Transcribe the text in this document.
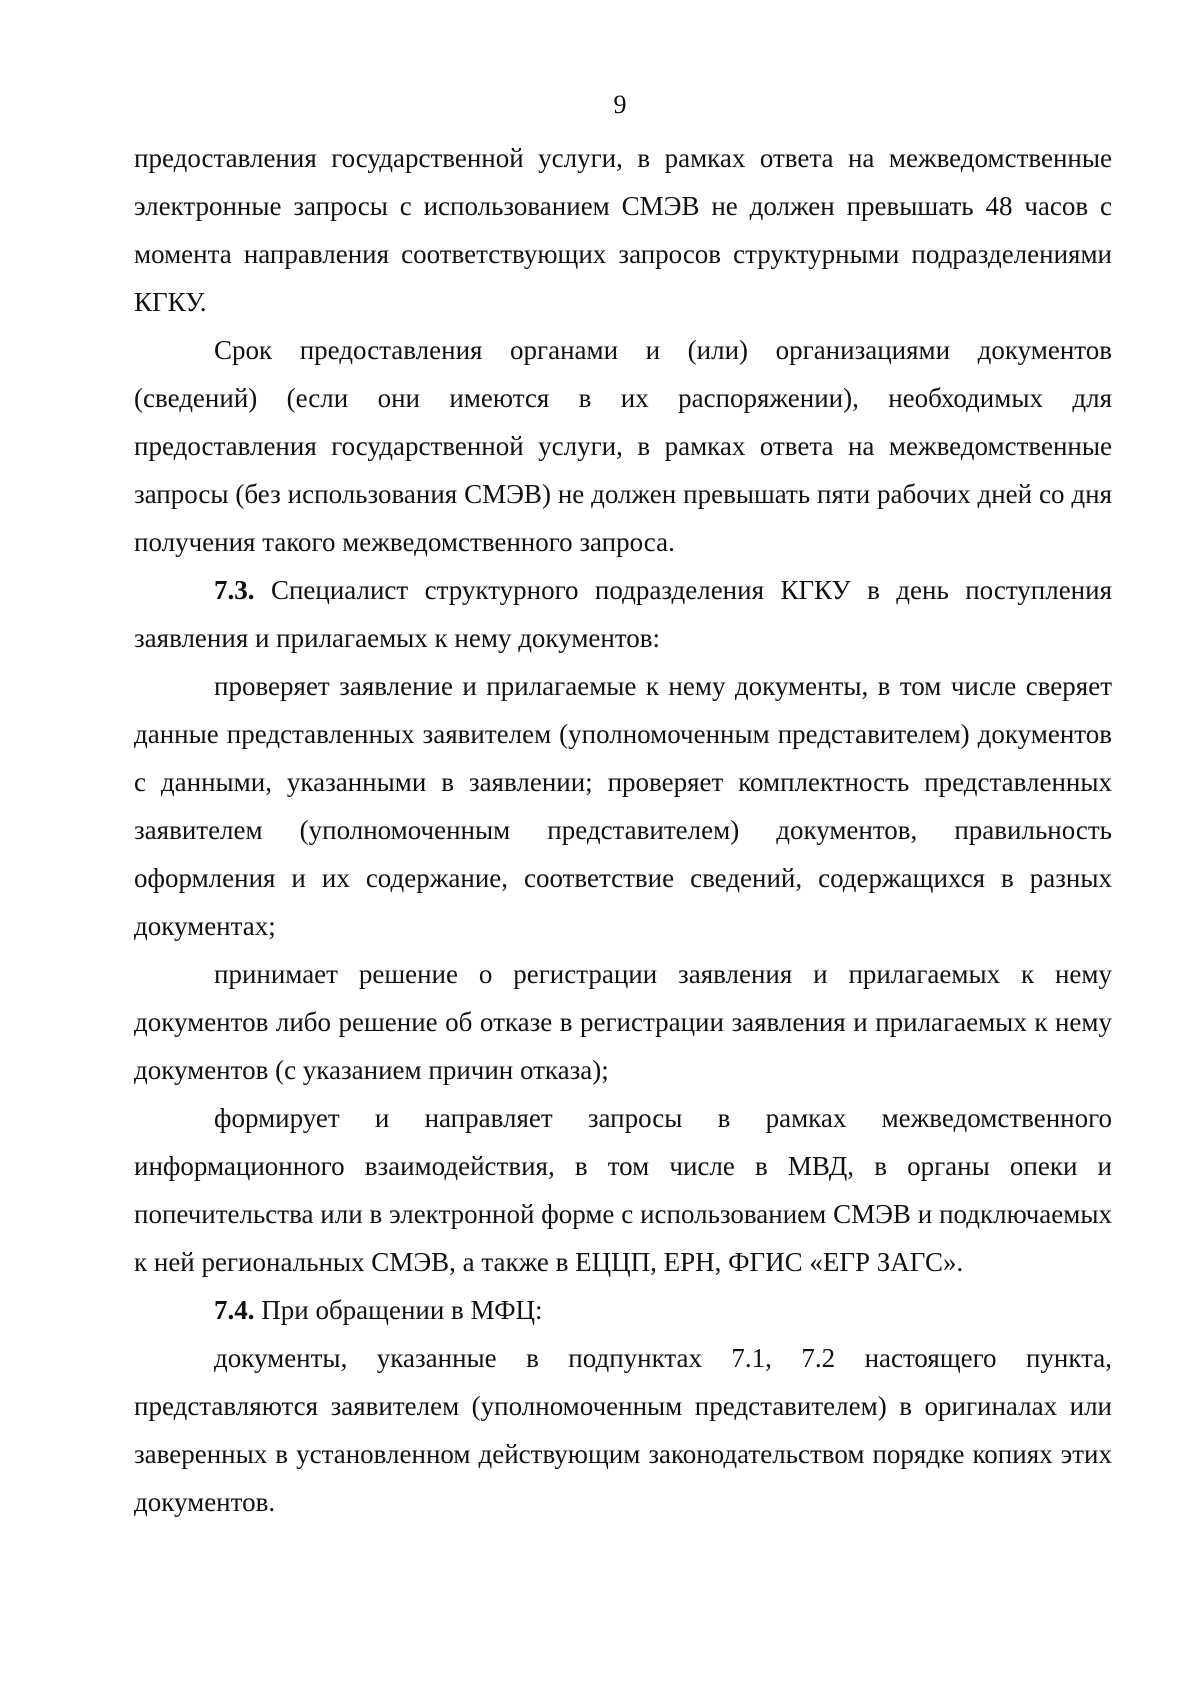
9

предоставления государственной услуги, в рамках ответа на межведомственные электронные запросы с использованием СМЭВ не должен превышать 48 часов с момента направления соответствующих запросов структурными подразделениями КГКУ.

Срок предоставления органами и (или) организациями документов (сведений) (если они имеются в их распоряжении), необходимых для предоставления государственной услуги, в рамках ответа на межведомственные запросы (без использования СМЭВ) не должен превышать пяти рабочих дней со дня получения такого межведомственного запроса.

7.3. Специалист структурного подразделения КГКУ в день поступления заявления и прилагаемых к нему документов:

проверяет заявление и прилагаемые к нему документы, в том числе сверяет данные представленных заявителем (уполномоченным представителем) документов с данными, указанными в заявлении; проверяет комплектность представленных заявителем (уполномоченным представителем) документов, правильность оформления и их содержание, соответствие сведений, содержащихся в разных документах;

принимает решение о регистрации заявления и прилагаемых к нему документов либо решение об отказе в регистрации заявления и прилагаемых к нему документов (с указанием причин отказа);

формирует и направляет запросы в рамках межведомственного информационного взаимодействия, в том числе в МВД, в органы опеки и попечительства или в электронной форме с использованием СМЭВ и подключаемых к ней региональных СМЭВ, а также в ЕЦЦП, ЕРН, ФГИС «ЕГР ЗАГС».

7.4. При обращении в МФЦ:

документы, указанные в подпунктах 7.1, 7.2 настоящего пункта, представляются заявителем (уполномоченным представителем) в оригиналах или заверенных в установленном действующим законодательством порядке копиях этих документов.
